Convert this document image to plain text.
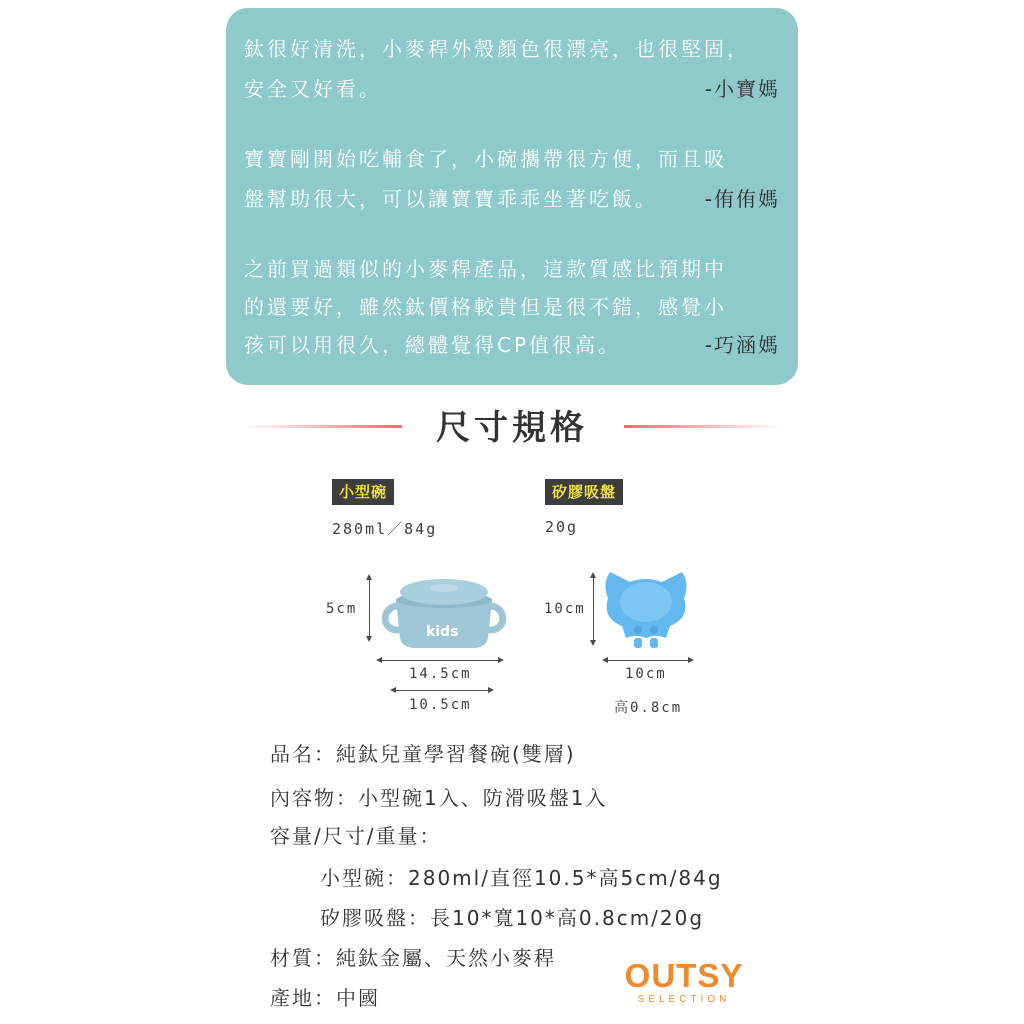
鈦很好清洗，小麥稈外殼顏色很漂亮，也很堅固，
安全又好看。	-小寶媽
寶寶剛開始吃輔食了，小碗攜帶很方便，而且吸
盤幫助很大，可以讓寶寶乖乖坐著吃飯。 -侑侑媽
之前買過類似的小麥稈產品，這款質感比預期中
的還要好，雖然鈦價格較貴但是很不錯，感覺小
孩可以用很久，總體覺得CP值很高。	-巧涵媽
尺寸規格
小型碗
280ml／84g
5cm
kids
14.5cm
10.5cm
矽膠吸盤
20g
10cm
10cm
高0.8cm
品名：純鈦兒童學習餐碗(雙層)
內容物：小型碗1入、防滑吸盤1入
容量/尺寸/重量：
小型碗：280ml/直徑10.5*高5cm/84g
矽膠吸盤：長10*寬10*高0.8cm/20g
材質：純鈦金屬、天然小麥稈
產地：中國
OUTSY
SELECTION
